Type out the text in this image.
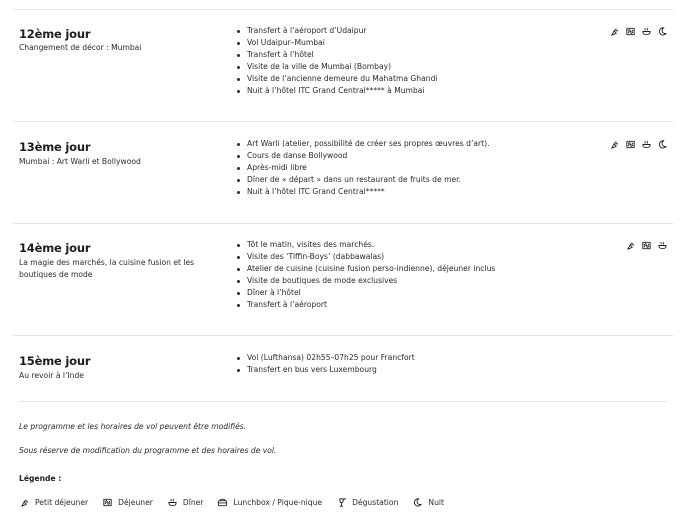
12ème jour
Changement de décor : Mumbai
Transfert à l’aéroport d’Udaipur
Vol Udaipur–Mumbai
Transfert à l’hôtel
Visite de la ville de Mumbai (Bombay)
Visite de l’ancienne demeure du Mahatma Ghandi
Nuit à l’hôtel ITC Grand Central***** à Mumbai
13ème jour
Mumbai : Art Warli et Bollywood
Art Warli (atelier, possibilité de créer ses propres œuvres d’art).
Cours de danse Bollywood
Après-midi libre
Dîner de « départ » dans un restaurant de fruits de mer.
Nuit à l’hôtel ITC Grand Central*****
14ème jour
La magie des marchés, la cuisine fusion et les boutiques de mode
Tôt le matin, visites des marchés.
Visite des ‘Tiffin-Boys’ (dabbawalas)
Atelier de cuisine (cuisine fusion perso-indienne), déjeuner inclus
Visite de boutiques de mode exclusives
Dîner à l’hôtel
Transfert à l’aéroport
15ème jour
Au revoir à l’Inde
Vol (Lufthansa) 02h55–07h25 pour Francfort
Transfert en bus vers Luxembourg
Le programme et les horaires de vol peuvent être modifiés.
Sous réserve de modification du programme et des horaires de vol.
Légende :
Petit déjeuner	Déjeuner	Dîner	Lunchbox / Pique-nique	Dégustation	Nuit
